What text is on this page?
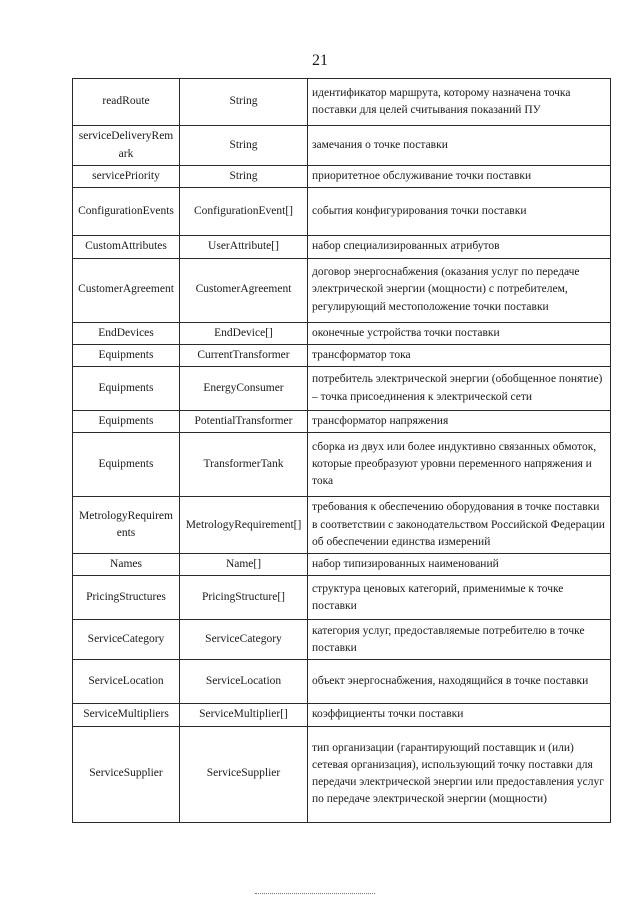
21
readRoute	String	идентификатор маршрута, которому назначена точка поставки для целей считывания показаний ПУ
serviceDeliveryRemark	String	замечания о точке поставки
servicePriority	String	приоритетное обслуживание точки поставки
ConfigurationEvents	ConfigurationEvent[]	события конфигурирования точки поставки
CustomAttributes	UserAttribute[]	набор специализированных атрибутов
CustomerAgreement	CustomerAgreement	договор энергоснабжения (оказания услуг по передаче электрической энергии (мощности) с потребителем, регулирующий местоположение точки поставки
EndDevices	EndDevice[]	оконечные устройства точки поставки
Equipments	CurrentTransformer	трансформатор тока
Equipments	EnergyConsumer	потребитель электрической энергии (обобщенное понятие) – точка присоединения к электрической сети
Equipments	PotentialTransformer	трансформатор напряжения
Equipments	TransformerTank	сборка из двух или более индуктивно связанных обмоток, которые преобразуют уровни переменного напряжения и тока
MetrologyRequirements	MetrologyRequirement[]	требования к обеспечению оборудования в точке поставки в соответствии с законодательством Российской Федерации об обеспечении единства измерений
Names	Name[]	набор типизированных наименований
PricingStructures	PricingStructure[]	структура ценовых категорий, применимые к точке поставки
ServiceCategory	ServiceCategory	категория услуг, предоставляемые потребителю в точке поставки
ServiceLocation	ServiceLocation	объект энергоснабжения, находящийся в точке поставки
ServiceMultipliers	ServiceMultiplier[]	коэффициенты точки поставки
ServiceSupplier	ServiceSupplier	тип организации (гарантирующий поставщик и (или) сетевая организация), использующий точку поставки для передачи электрической энергии или предоставления услуг по передаче электрической энергии (мощности)
